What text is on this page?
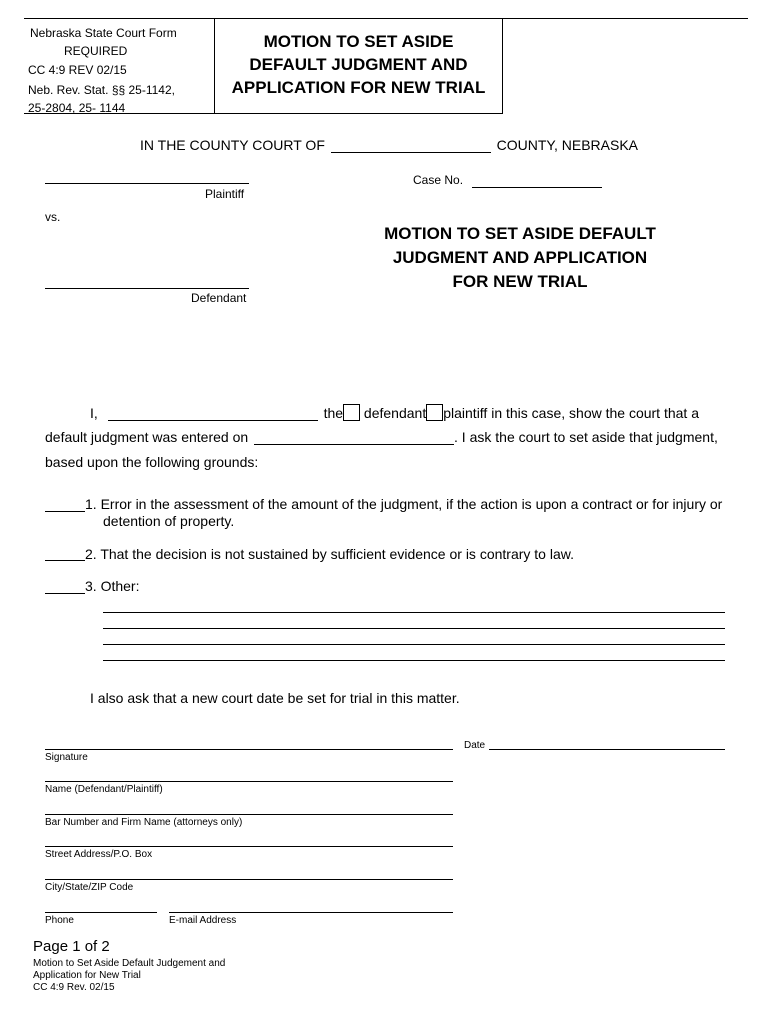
Nebraska State Court Form
REQUIRED
CC 4:9 REV 02/15
Neb. Rev. Stat. §§ 25-1142,
25-2804, 25- 1144
MOTION TO SET ASIDE
DEFAULT JUDGMENT AND
APPLICATION FOR NEW TRIAL
IN THE COUNTY COURT OF	COUNTY, NEBRASKA
Plaintiff
vs.
Defendant
Case No.
MOTION TO SET ASIDE DEFAULT
JUDGMENT AND APPLICATION
FOR NEW TRIAL
I,	the defendant plaintiff in this case, show the court that a
default judgment was entered on	. I ask the court to set aside that judgment,
based upon the following grounds:
1. Error in the assessment of the amount of the judgment, if the action is upon a contract or for injury or
detention of property.
2. That the decision is not sustained by sufficient evidence or is contrary to law.
3. Other:
I also ask that a new court date be set for trial in this matter.
Signature
Date
Name (Defendant/Plaintiff)
Bar Number and Firm Name (attorneys only)
Street Address/P.O. Box
City/State/ZIP Code
Phone	E-mail Address
Page 1 of 2
Motion to Set Aside Default Judgement and
Application for New Trial
CC 4:9 Rev. 02/15
